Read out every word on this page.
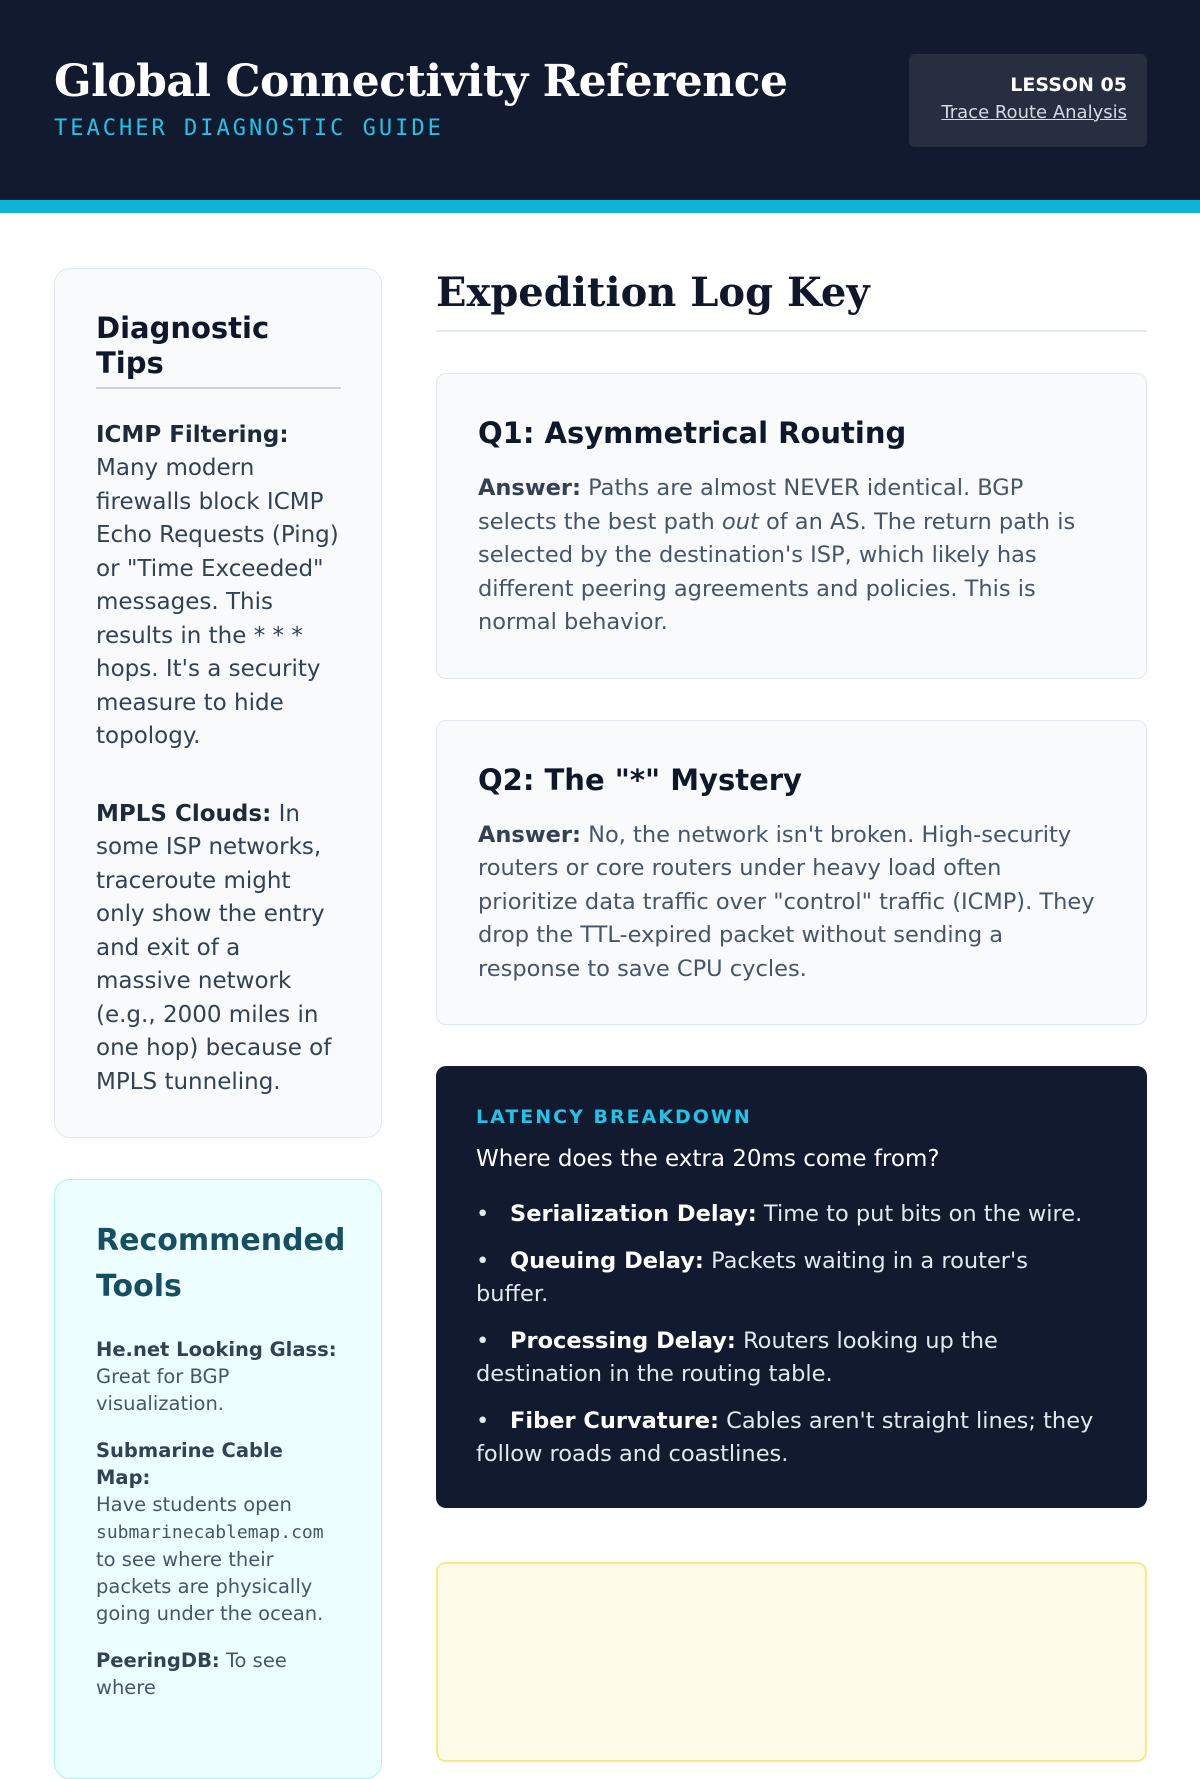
Global Connectivity Reference
TEACHER DIAGNOSTIC GUIDE
LESSON 05
Trace Route Analysis
Diagnostic Tips

ICMP Filtering: Many modern firewalls block ICMP Echo Requests (Ping) or "Time Exceeded" messages. This results in the * * * hops. It's a security measure to hide topology.

MPLS Clouds: In some ISP networks, traceroute might only show the entry and exit of a massive network (e.g., 2000 miles in one hop) because of MPLS tunneling.

Recommended Tools

He.net Looking Glass:
Great for BGP visualization.

Submarine Cable Map:
Have students open submarinecablemap.com to see where their packets are physically going under the ocean.

PeeringDB: To see where

Expedition Log Key
Q1: Asymmetrical Routing

Answer: Paths are almost NEVER identical. BGP selects the best path out of an AS. The return path is selected by the destination's ISP, which likely has different peering agreements and policies. This is normal behavior.

Q2: The "*" Mystery

Answer: No, the network isn't broken. High-security routers or core routers under heavy load often prioritize data traffic over "control" traffic (ICMP). They drop the TTL-expired packet without sending a response to save CPU cycles.

LATENCY BREAKDOWN
Where does the extra 20ms come from?
• Serialization Delay: Time to put bits on the wire.
• Queuing Delay: Packets waiting in a router's buffer.
• Processing Delay: Routers looking up the destination in the routing table.
• Fiber Curvature: Cables aren't straight lines; they follow roads and coastlines.
